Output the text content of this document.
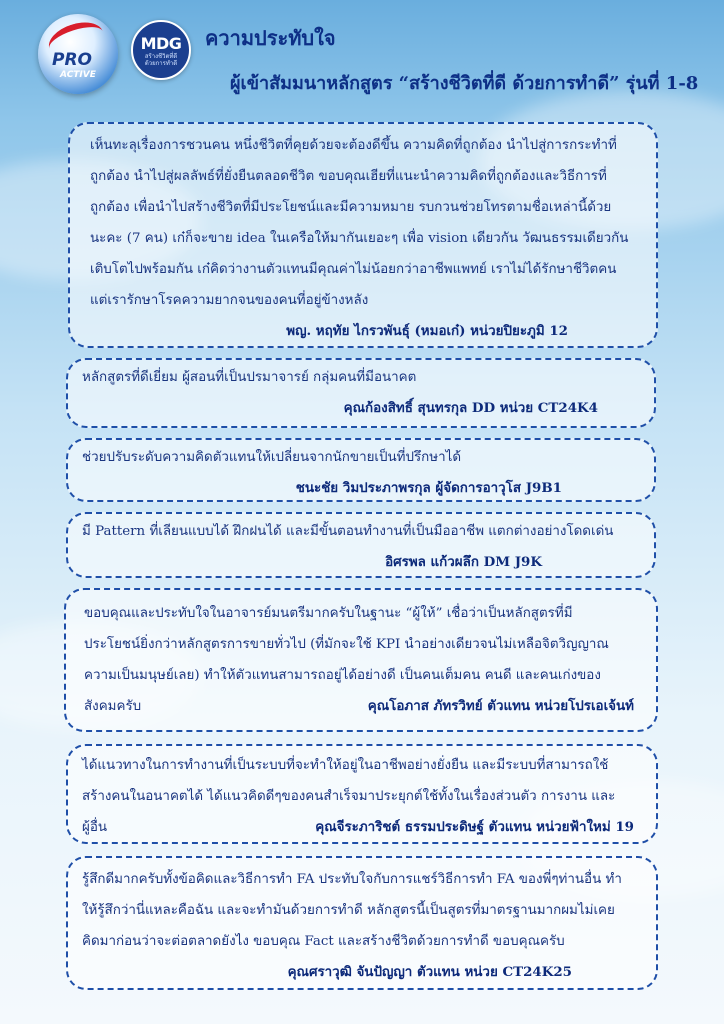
PRO
ACTIVE
MDG
สร้างชีวิตที่ดี
ด้วยการทำดี
ความประทับใจ
ผู้เข้าสัมมนาหลักสูตร “สร้างชีวิตที่ดี ด้วยการทำดี” รุ่นที่ 1-8

เห็นทะลุเรื่องการชวนคน หนึ่งชีวิตที่คุยด้วยจะต้องดีขึ้น ความคิดที่ถูกต้อง นำไปสู่การกระทำที่

ถูกต้อง นำไปสู่ผลลัพธ์ที่ยั่งยืนตลอดชีวิต ขอบคุณเฮียที่แนะนำความคิดที่ถูกต้องและวิธีการที่

ถูกต้อง เพื่อนำไปสร้างชีวิตที่มีประโยชน์และมีความหมาย รบกวนช่วยโทรตามชื่อเหล่านี้ด้วย

นะคะ (7 คน) เก๋ก็จะขาย idea ในเครือให้มากันเยอะๆ เพื่อ vision เดียวกัน วัฒนธรรมเดียวกัน

เติบโตไปพร้อมกัน เก๋คิดว่างานตัวแทนมีคุณค่าไม่น้อยกว่าอาชีพแพทย์ เราไม่ได้รักษาชีวิตคน

แต่เรารักษาโรคความยากจนของคนที่อยู่ข้างหลัง

พญ. หฤทัย ไกรวพันธุ์ (หมอเก๋) หน่วยปิยะภูมิ 12

หลักสูตรที่ดีเยี่ยม ผู้สอนที่เป็นปรมาจารย์ กลุ่มคนที่มีอนาคต

คุณก้องสิทธิ์ สุนทรกุล DD หน่วย CT24K4

ช่วยปรับระดับความคิดตัวแทนให้เปลี่ยนจากนักขายเป็นที่ปรึกษาได้

ชนะชัย วิมประภาพรกุล ผู้จัดการอาวุโส J9B1

มี Pattern ที่เลียนแบบได้ ฝึกฝนได้ และมีขั้นตอนทำงานที่เป็นมืออาชีพ แตกต่างอย่างโดดเด่น

อิศรพล แก้วผลึก DM J9K

ขอบคุณและประทับใจในอาจารย์มนตรีมากครับในฐานะ “ผู้ให้” เชื่อว่าเป็นหลักสูตรที่มี

ประโยชน์ยิ่งกว่าหลักสูตรการขายทั่วไป (ที่มักจะใช้ KPI นำอย่างเดียวจนไม่เหลือจิตวิญญาณ

ความเป็นมนุษย์เลย) ทำให้ตัวแทนสามารถอยู่ได้อย่างดี เป็นคนเต็มคน คนดี และคนเก่งของ

สังคมครับ	คุณโอภาส ภัทรวิทย์ ตัวแทน หน่วยโปรเอเจ้นท์

ได้แนวทางในการทำงานที่เป็นระบบที่จะทำให้อยู่ในอาชีพอย่างยั่งยืน และมีระบบที่สามารถใช้

สร้างคนในอนาคตได้ ได้แนวคิดดีๆของคนสำเร็จมาประยุกต์ใช้ทั้งในเรื่องส่วนตัว การงาน และ

ผู้อื่น	คุณจีระภาริชต์ ธรรมประดิษฐ์ ตัวแทน หน่วยฟ้าใหม่ 19

รู้สึกดีมากครับทั้งข้อคิดและวิธีการทำ FA ประทับใจกับการแชร์วิธีการทำ FA ของพี่ๆท่านอื่น ทำ

ให้รู้สึกว่านี่แหละคือฉัน และจะทำมันด้วยการทำดี หลักสูตรนี้เป็นสูตรที่มาตรฐานมากผมไม่เคย

คิดมาก่อนว่าจะต่อตลาดยังไง ขอบคุณ Fact และสร้างชีวิตด้วยการทำดี ขอบคุณครับ

คุณศราวุฒิ จันปัญญา ตัวแทน หน่วย CT24K25
